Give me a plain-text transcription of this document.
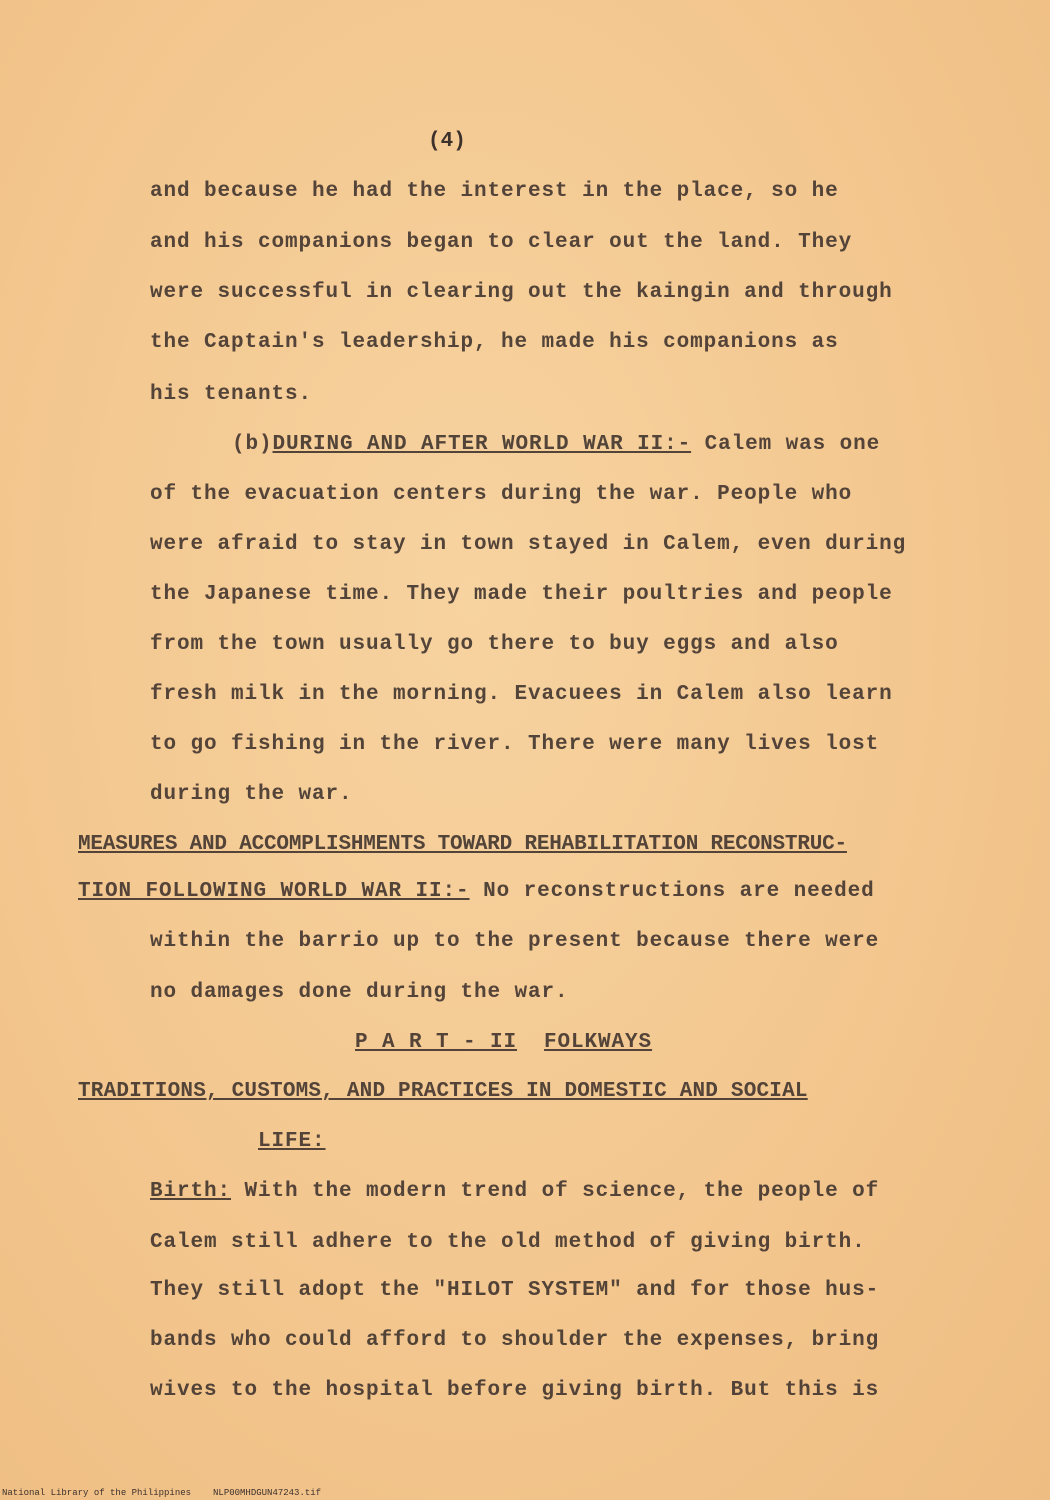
(4)
and because he had the interest in the place, so he
and his companions began to clear out the land. They
were successful in clearing out the kaingin and through
the Captain's leadership, he made his companions as
his tenants.
(b)DURING AND AFTER WORLD WAR II:- Calem was one
of the evacuation centers during the war. People who
were afraid to stay in town stayed in Calem, even during
the Japanese time. They made their poultries and people
from the town usually go there to buy eggs and also
fresh milk in the morning. Evacuees in Calem also learn
to go fishing in the river. There were many lives lost
during the war.
MEASURES AND ACCOMPLISHMENTS TOWARD REHABILITATION RECONSTRUC-
TION FOLLOWING WORLD WAR II:- No reconstructions are needed
within the barrio up to the present because there were
no damages done during the war.
P A R T - II FOLKWAYS
TRADITIONS, CUSTOMS, AND PRACTICES IN DOMESTIC AND SOCIAL
LIFE:
Birth: With the modern trend of science, the people of
Calem still adhere to the old method of giving birth.
They still adopt the "HILOT SYSTEM" and for those hus-
bands who could afford to shoulder the expenses, bring
wives to the hospital before giving birth. But this is
National Library of the Philippines NLP00MHDGUN47243.tif
